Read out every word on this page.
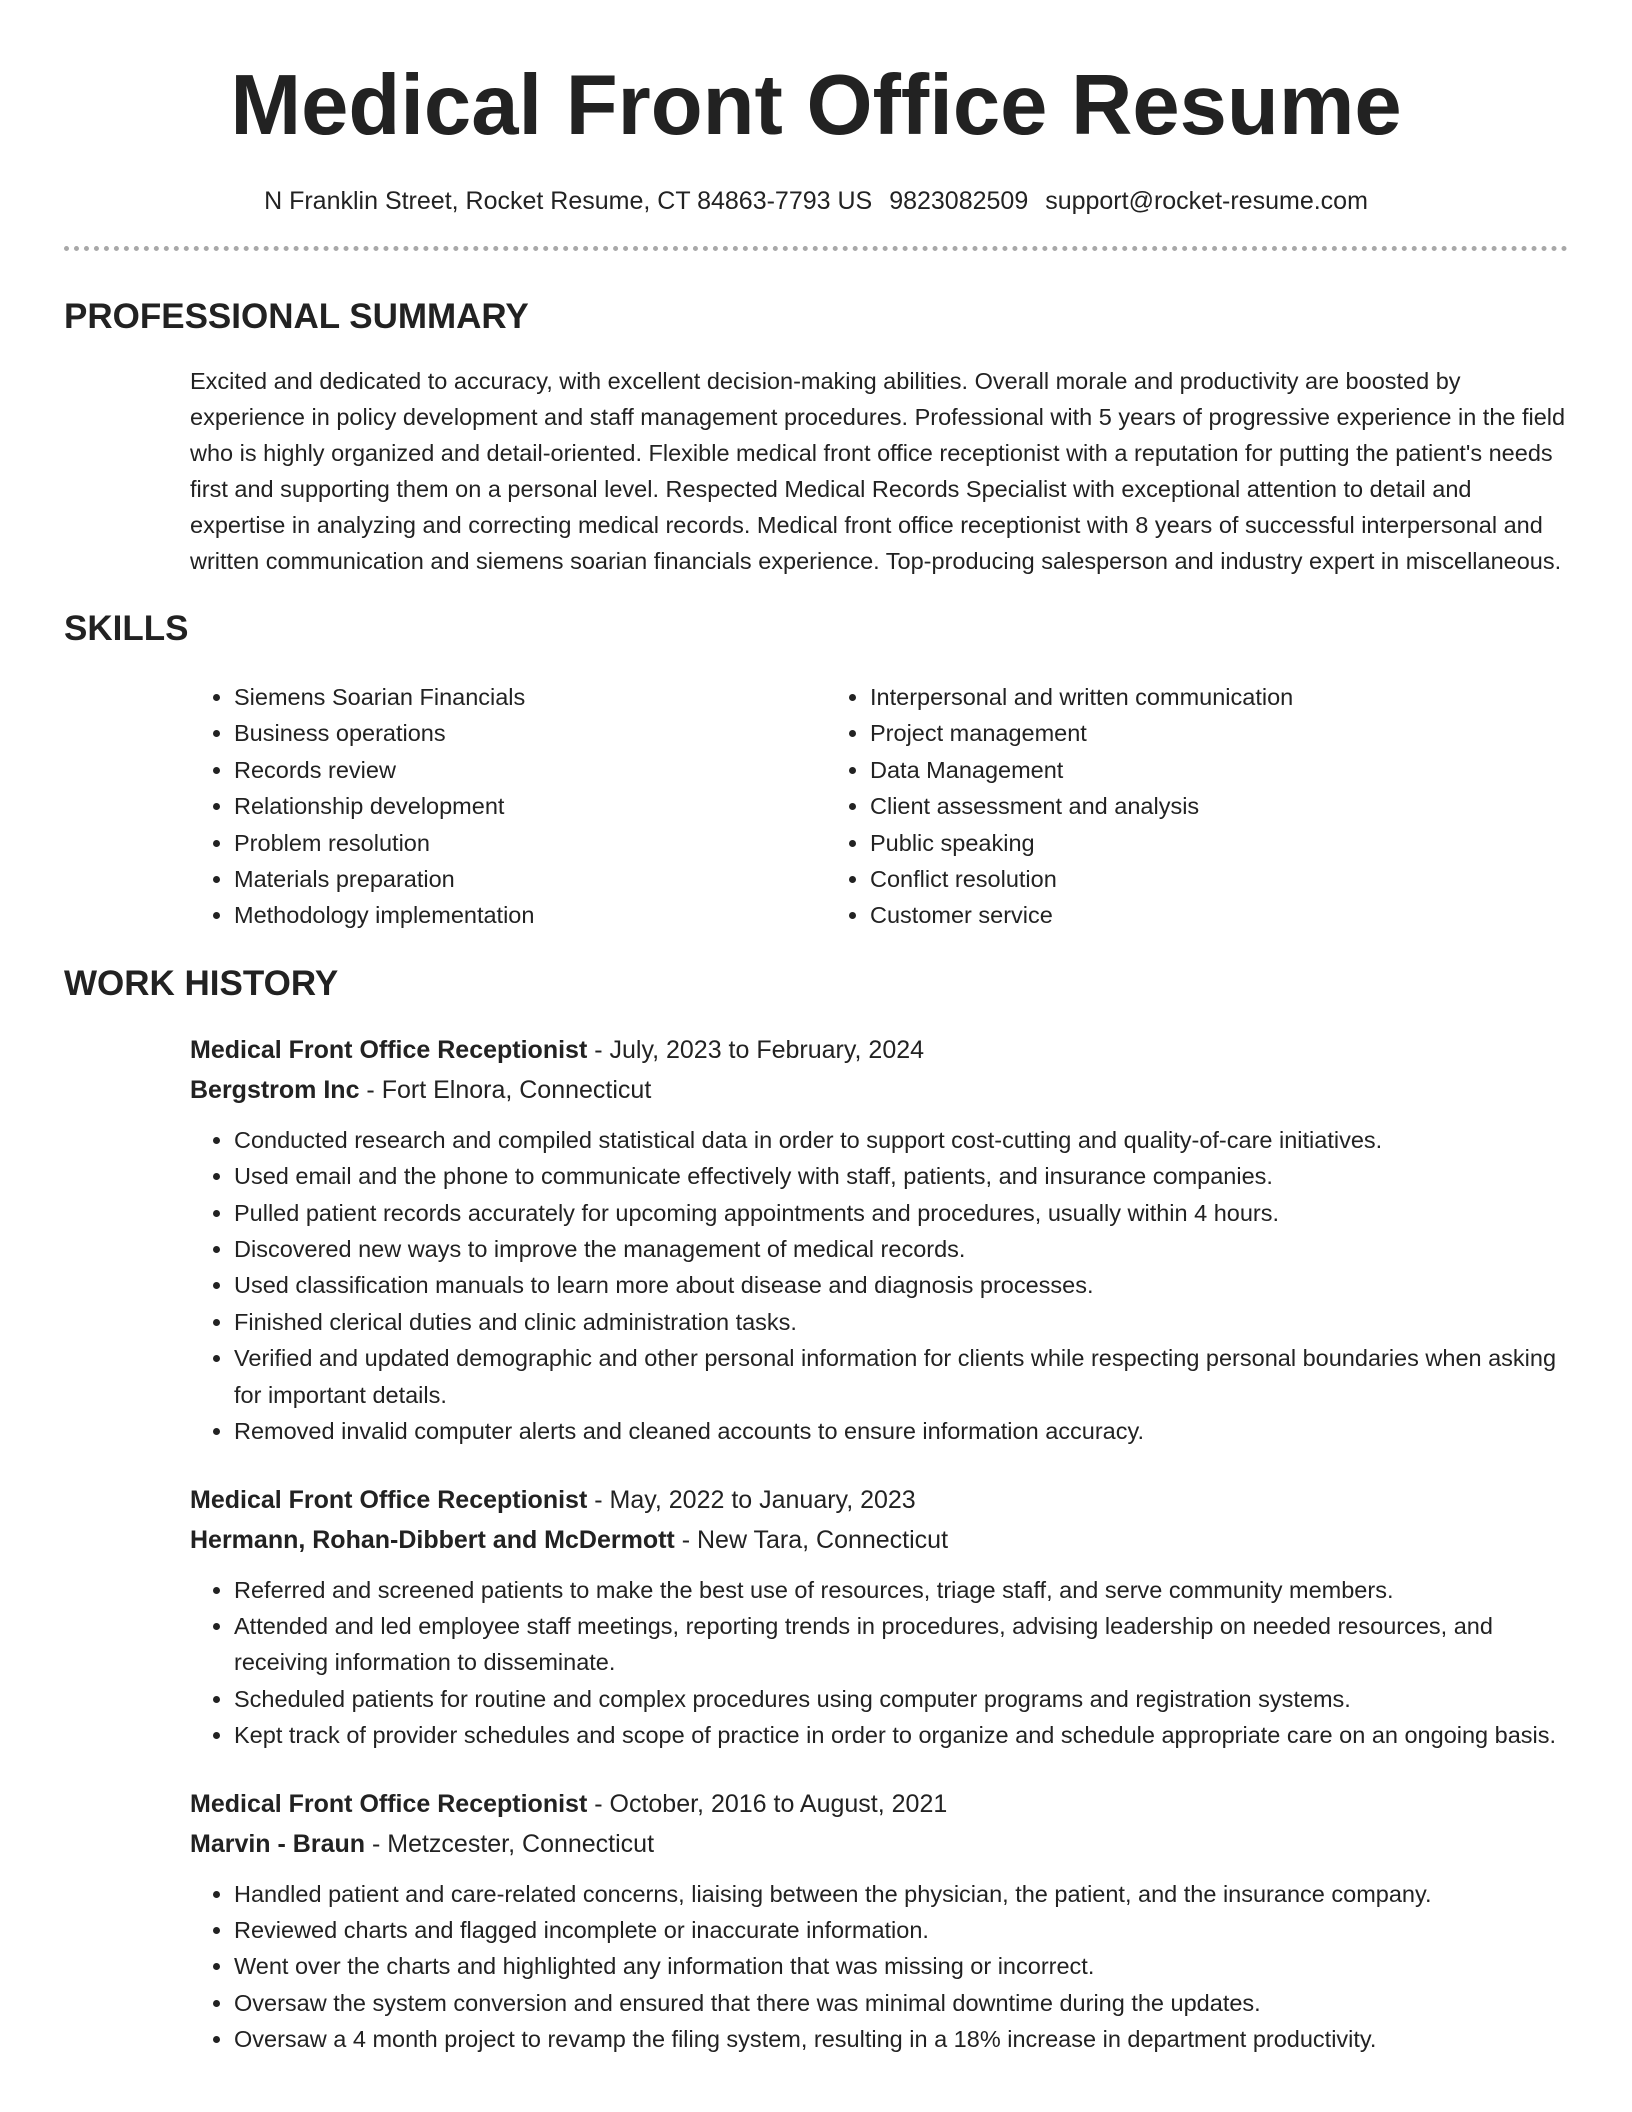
Medical Front Office Resume
N Franklin Street, Rocket Resume, CT 84863-7793 US 9823082509 support@rocket-resume.com
PROFESSIONAL SUMMARY

Excited and dedicated to accuracy, with excellent decision-making abilities. Overall morale and productivity are boosted by experience in policy development and staff management procedures. Professional with 5 years of progressive experience in the field who is highly organized and detail-oriented. Flexible medical front office receptionist with a reputation for putting the patient's needs first and supporting them on a personal level. Respected Medical Records Specialist with exceptional attention to detail and expertise in analyzing and correcting medical records. Medical front office receptionist with 8 years of successful interpersonal and written communication and siemens soarian financials experience. Top-producing salesperson and industry expert in miscellaneous.

SKILLS
• Siemens Soarian Financials
• Business operations
• Records review
• Relationship development
• Problem resolution
• Materials preparation
• Methodology implementation
• Interpersonal and written communication
• Project management
• Data Management
• Client assessment and analysis
• Public speaking
• Conflict resolution
• Customer service
WORK HISTORY
Medical Front Office Receptionist - July, 2023 to February, 2024
Bergstrom Inc - Fort Elnora, Connecticut
• Conducted research and compiled statistical data in order to support cost-cutting and quality-of-care initiatives.
• Used email and the phone to communicate effectively with staff, patients, and insurance companies.
• Pulled patient records accurately for upcoming appointments and procedures, usually within 4 hours.
• Discovered new ways to improve the management of medical records.
• Used classification manuals to learn more about disease and diagnosis processes.
• Finished clerical duties and clinic administration tasks.
• Verified and updated demographic and other personal information for clients while respecting personal boundaries when asking for important details.
• Removed invalid computer alerts and cleaned accounts to ensure information accuracy.
Medical Front Office Receptionist - May, 2022 to January, 2023
Hermann, Rohan-Dibbert and McDermott - New Tara, Connecticut
• Referred and screened patients to make the best use of resources, triage staff, and serve community members.
• Attended and led employee staff meetings, reporting trends in procedures, advising leadership on needed resources, and receiving information to disseminate.
• Scheduled patients for routine and complex procedures using computer programs and registration systems.
• Kept track of provider schedules and scope of practice in order to organize and schedule appropriate care on an ongoing basis.
Medical Front Office Receptionist - October, 2016 to August, 2021
Marvin - Braun - Metzcester, Connecticut
• Handled patient and care-related concerns, liaising between the physician, the patient, and the insurance company.
• Reviewed charts and flagged incomplete or inaccurate information.
• Went over the charts and highlighted any information that was missing or incorrect.
• Oversaw the system conversion and ensured that there was minimal downtime during the updates.
• Oversaw a 4 month project to revamp the filing system, resulting in a 18% increase in department productivity.
